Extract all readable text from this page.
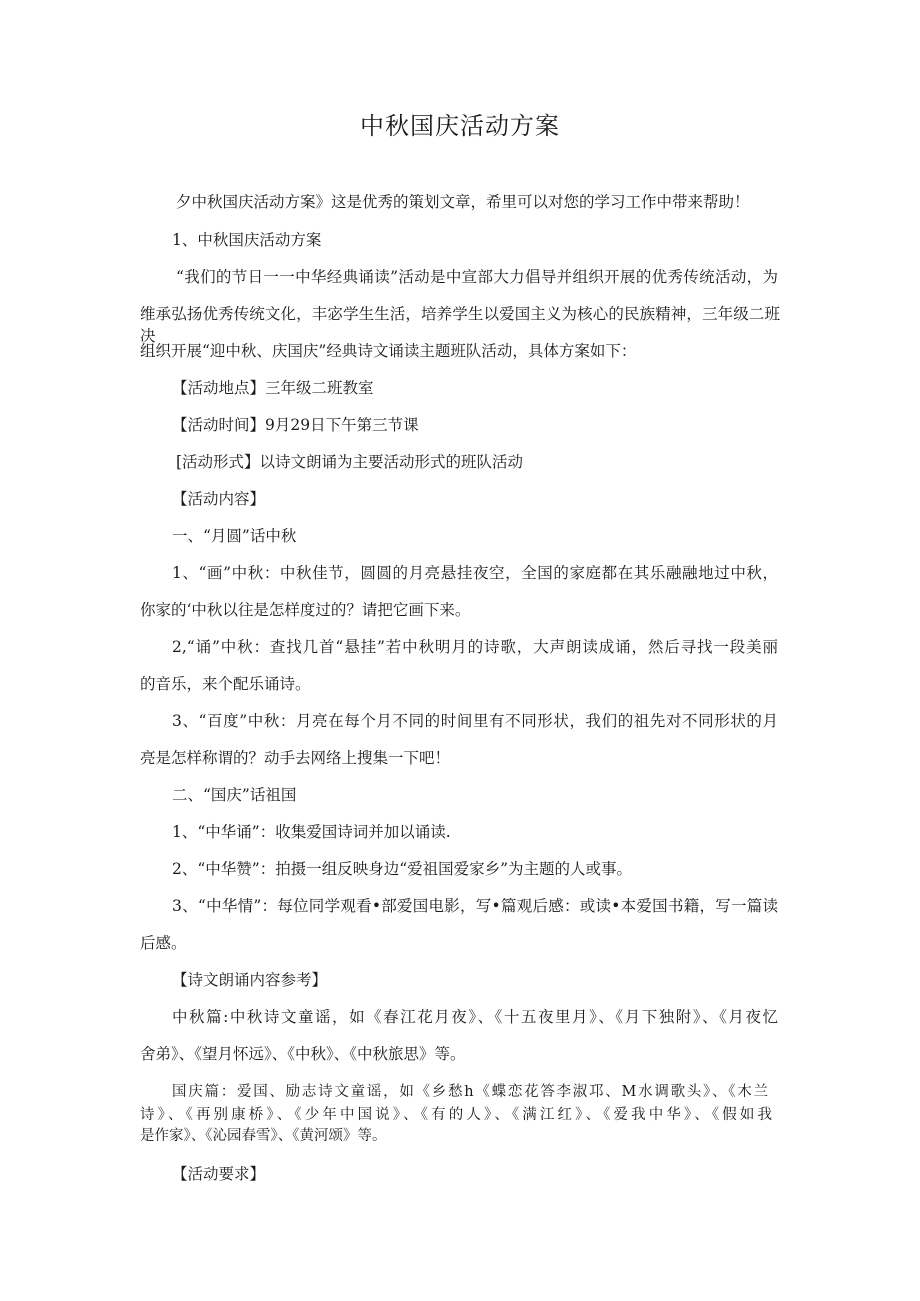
中秋国庆活动方案

夕中秋国庆活动方案》这是优秀的策划文章，希里可以对您的学习工作中带来帮助！

1、中秋国庆活动方案

“我们的节日一一中华经典诵读”活动是中宣部大力倡导并组织开展的优秀传统活动，为

维承弘扬优秀传统文化，丰宓学生生活，培养学生以爱国主义为核心的民族精神，三年级二班决

组织开展“迎中秋、庆国庆”经典诗文诵读主题班队活动，具体方案如下：

【活动地点】三年级二班教室

【活动时间】9月29日下午第三节课

[活动形式】以诗文朗诵为主要活动形式的班队活动

【活动内容】

一、“月圆”话中秋

1、“画”中秋：中秋佳节，圆圆的月亮悬挂夜空，全国的家庭都在其乐融融地过中秋，

你家的‘中秋以往是怎样度过的？请把它画下来。

2,“诵”中秋：查找几首“悬挂”若中秋明月的诗歌，大声朗读成诵，然后寻找一段美丽

的音乐，来个配乐诵诗。

3、“百度”中秋：月亮在每个月不同的时间里有不同形状，我们的祖先对不同形状的月

亮是怎样称谓的？动手去网络上搜集一下吧！

二、“国庆”话祖国

1、“中华诵”：收集爱国诗词并加以诵读.

2、“中华赞”：拍摄一组反映身边“爱祖国爱家乡”为主题的人或事。

3、“中华情”：每位同学观看•部爱国电影，写•篇观后感：或读•本爱国书籍，写一篇读

后感。

【诗文朗诵内容参考】

中秋篇:中秋诗文童谣，如《春江花月夜》、《十五夜里月》、《月下独附》、《月夜忆

舍弟》、《望月怀远》、《中秋》、《中秋旅思》等。

国庆篇：爱国、励志诗文童谣，如《乡愁h《蝶恋花答李淑邛、M水调歌头》、《木兰

诗》、《再别康桥》、《少年中国说》、《有的人》、《满江红》、《爱我中华》、《假如我

是作家》、《沁园春雪》、《黄河颂》等。

【活动要求】
